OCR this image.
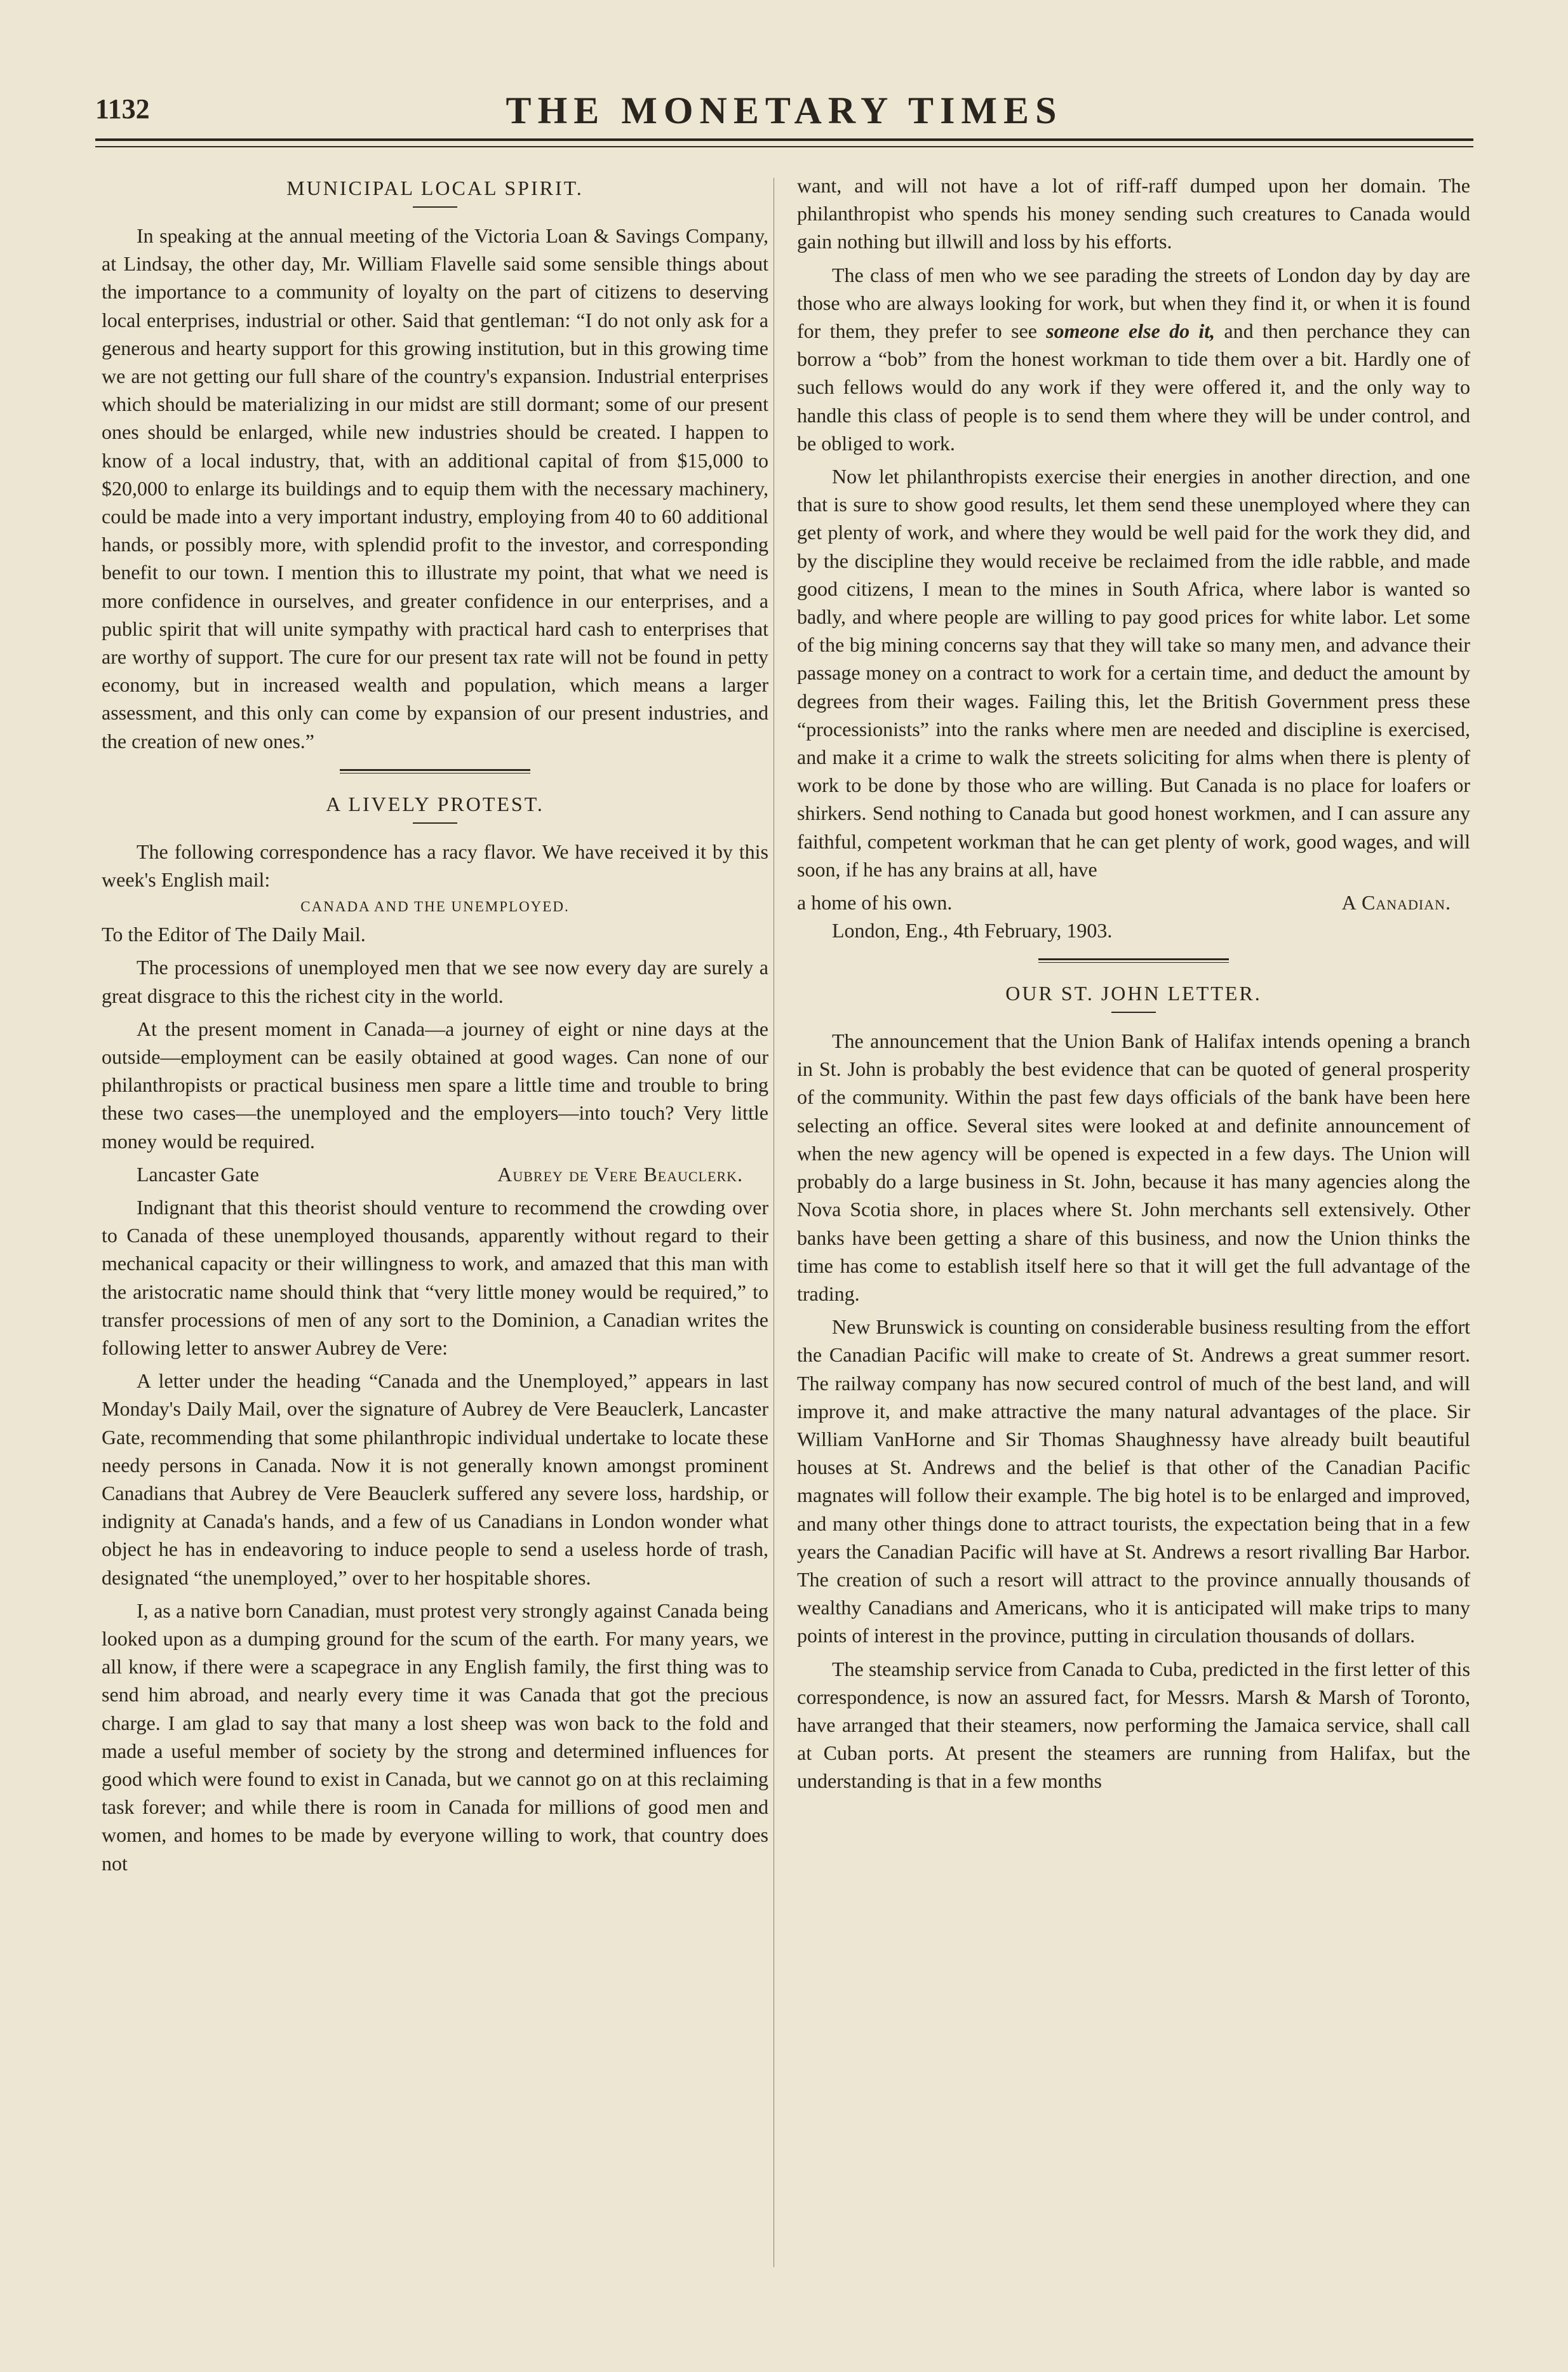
1132	THE MONETARY TIMES
MUNICIPAL LOCAL SPIRIT.

In speaking at the annual meeting of the Victoria Loan & Savings Company, at Lindsay, the other day, Mr. William Flavelle said some sensible things about the importance to a community of loyalty on the part of citizens to deserving local enterprises, industrial or other. Said that gentleman: “I do not only ask for a generous and hearty support for this growing institution, but in this growing time we are not getting our full share of the country's expansion. Industrial enterprises which should be materializing in our midst are still dormant; some of our present ones should be enlarged, while new industries should be created. I happen to know of a local industry, that, with an additional capital of from $15,000 to $20,000 to enlarge its buildings and to equip them with the necessary machinery, could be made into a very important industry, employing from 40 to 60 additional hands, or possibly more, with splendid profit to the investor, and corresponding benefit to our town. I mention this to illustrate my point, that what we need is more confidence in ourselves, and greater confidence in our enterprises, and a public spirit that will unite sympathy with practical hard cash to enterprises that are worthy of support. The cure for our present tax rate will not be found in petty economy, but in increased wealth and population, which means a larger assessment, and this only can come by expansion of our present industries, and the creation of new ones.”

A LIVELY PROTEST.

The following correspondence has a racy flavor. We have received it by this week's English mail:

CANADA AND THE UNEMPLOYED.

To the Editor of The Daily Mail.

The processions of unemployed men that we see now every day are surely a great disgrace to this the richest city in the world.

At the present moment in Canada—a journey of eight or nine days at the outside—employment can be easily obtained at good wages. Can none of our philanthropists or practical business men spare a little time and trouble to bring these two cases—the unemployed and the employers—into touch? Very little money would be required.

Lancaster Gate	Aubrey de Vere Beauclerk.

Indignant that this theorist should venture to recommend the crowding over to Canada of these unemployed thousands, apparently without regard to their mechanical capacity or their willingness to work, and amazed that this man with the aristocratic name should think that “very little money would be required,” to transfer processions of men of any sort to the Dominion, a Canadian writes the following letter to answer Aubrey de Vere:

A letter under the heading “Canada and the Unemployed,” appears in last Monday's Daily Mail, over the signature of Aubrey de Vere Beauclerk, Lancaster Gate, recommending that some philanthropic individual undertake to locate these needy persons in Canada. Now it is not generally known amongst prominent Canadians that Aubrey de Vere Beauclerk suffered any severe loss, hardship, or indignity at Canada's hands, and a few of us Canadians in London wonder what object he has in endeavoring to induce people to send a useless horde of trash, designated “the unemployed,” over to her hospitable shores.

I, as a native born Canadian, must protest very strongly against Canada being looked upon as a dumping ground for the scum of the earth. For many years, we all know, if there were a scapegrace in any English family, the first thing was to send him abroad, and nearly every time it was Canada that got the precious charge. I am glad to say that many a lost sheep was won back to the fold and made a useful member of society by the strong and determined influences for good which were found to exist in Canada, but we cannot go on at this reclaiming task forever; and while there is room in Canada for millions of good men and women, and homes to be made by everyone willing to work, that country does not

want, and will not have a lot of riff-raff dumped upon her domain. The philanthropist who spends his money sending such creatures to Canada would gain nothing but illwill and loss by his efforts.

The class of men who we see parading the streets of London day by day are those who are always looking for work, but when they find it, or when it is found for them, they prefer to see someone else do it, and then perchance they can borrow a “bob” from the honest workman to tide them over a bit. Hardly one of such fellows would do any work if they were offered it, and the only way to handle this class of people is to send them where they will be under control, and be obliged to work.

Now let philanthropists exercise their energies in another direction, and one that is sure to show good results, let them send these unemployed where they can get plenty of work, and where they would be well paid for the work they did, and by the discipline they would receive be reclaimed from the idle rabble, and made good citizens, I mean to the mines in South Africa, where labor is wanted so badly, and where people are willing to pay good prices for white labor. Let some of the big mining concerns say that they will take so many men, and advance their passage money on a contract to work for a certain time, and deduct the amount by degrees from their wages. Failing this, let the British Government press these “processionists” into the ranks where men are needed and discipline is exercised, and make it a crime to walk the streets soliciting for alms when there is plenty of work to be done by those who are willing. But Canada is no place for loafers or shirkers. Send nothing to Canada but good honest workmen, and I can assure any faithful, competent workman that he can get plenty of work, good wages, and will soon, if he has any brains at all, have

a home of his own.	A Canadian.
London, Eng., 4th February, 1903.
OUR ST. JOHN LETTER.

The announcement that the Union Bank of Halifax intends opening a branch in St. John is probably the best evidence that can be quoted of general prosperity of the community. Within the past few days officials of the bank have been here selecting an office. Several sites were looked at and definite announcement of when the new agency will be opened is expected in a few days. The Union will probably do a large business in St. John, because it has many agencies along the Nova Scotia shore, in places where St. John merchants sell extensively. Other banks have been getting a share of this business, and now the Union thinks the time has come to establish itself here so that it will get the full advantage of the trading.

New Brunswick is counting on considerable business resulting from the effort the Canadian Pacific will make to create of St. Andrews a great summer resort. The railway company has now secured control of much of the best land, and will improve it, and make attractive the many natural advantages of the place. Sir William VanHorne and Sir Thomas Shaughnessy have already built beautiful houses at St. Andrews and the belief is that other of the Canadian Pacific magnates will follow their example. The big hotel is to be enlarged and improved, and many other things done to attract tourists, the expectation being that in a few years the Canadian Pacific will have at St. Andrews a resort rivalling Bar Harbor. The creation of such a resort will attract to the province annually thousands of wealthy Canadians and Americans, who it is anticipated will make trips to many points of interest in the province, putting in circulation thousands of dollars.

The steamship service from Canada to Cuba, predicted in the first letter of this correspondence, is now an assured fact, for Messrs. Marsh & Marsh of Toronto, have arranged that their steamers, now performing the Jamaica service, shall call at Cuban ports. At present the steamers are running from Halifax, but the understanding is that in a few months
